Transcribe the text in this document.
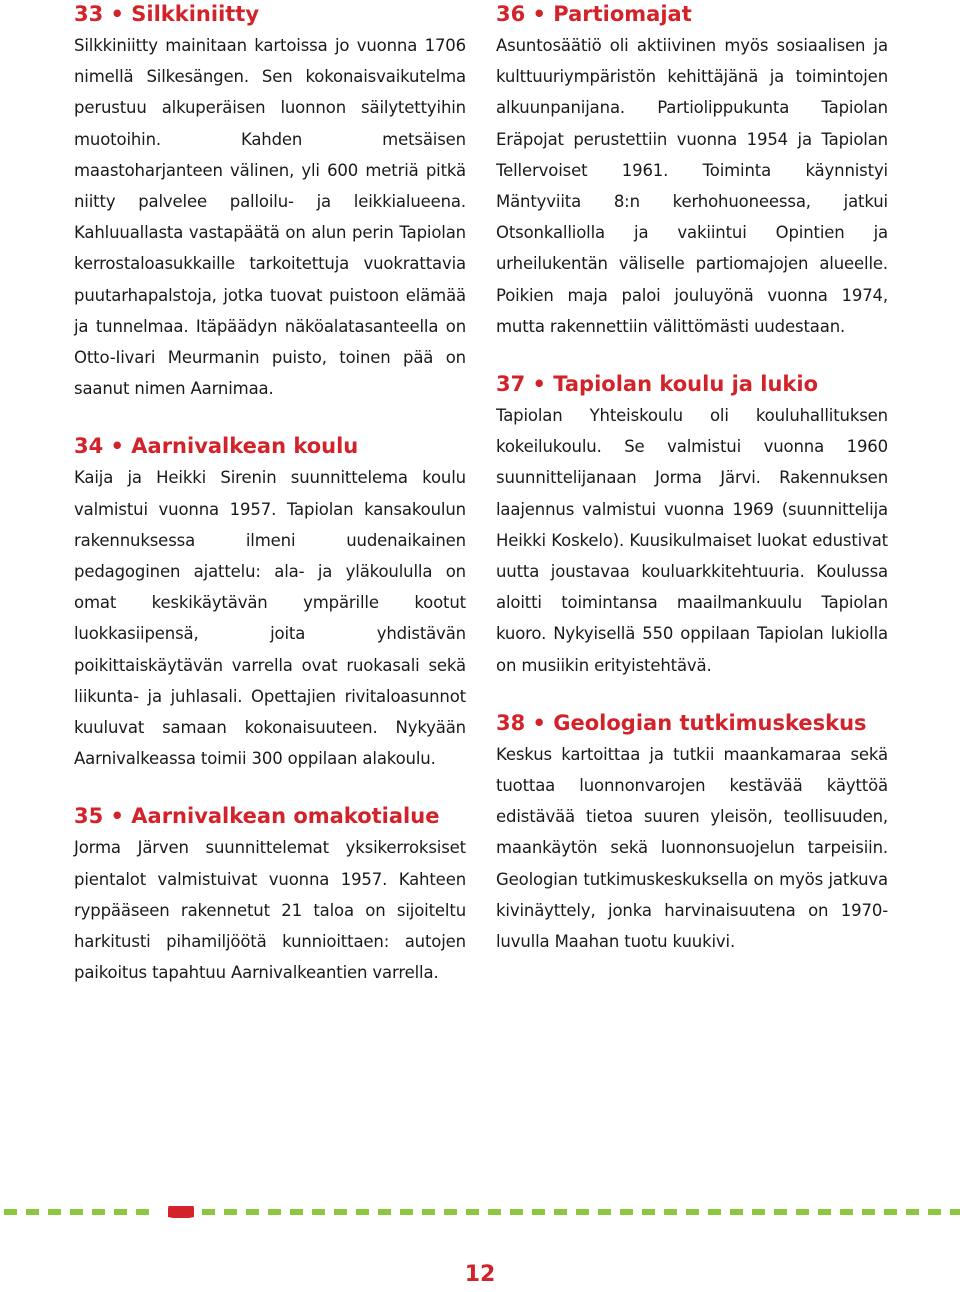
33 • Silkkiniitty

Silkkiniitty mainitaan kartoissa jo vuonna 1706 nimellä Silkesängen. Sen kokonaisvaikutelma perustuu alkuperäisen luonnon säilytettyihin muotoihin. Kahden metsäisen maastoharjanteen välinen, yli 600 metriä pitkä niitty palvelee palloilu- ja leikkialueena. Kahluuallasta vastapäätä on alun perin Tapiolan kerrostaloasukkaille tarkoitettuja vuokrattavia puutarhapalstoja, jotka tuovat puistoon elämää ja tunnelmaa. Itäpäädyn näköalatasanteella on Otto-Iivari Meurmanin puisto, toinen pää on saanut nimen Aarnimaa.

34 • Aarnivalkean koulu

Kaija ja Heikki Sirenin suunnittelema koulu valmistui vuonna 1957. Tapiolan kansakoulun rakennuksessa ilmeni uudenaikainen pedagoginen ajattelu: ala- ja yläkoululla on omat keskikäytävän ympärille kootut luokkasiipensä, joita yhdistävän poikittaiskäytävän varrella ovat ruokasali sekä liikunta- ja juhlasali. Opettajien rivitaloasunnot kuuluvat samaan kokonaisuuteen. Nykyään Aarnivalkeassa toimii 300 oppilaan alakoulu.

35 • Aarnivalkean omakotialue

Jorma Järven suunnittelemat yksikerroksiset pientalot valmistuivat vuonna 1957. Kahteen ryppääseen rakennetut 21 taloa on sijoiteltu harkitusti pihamiljöötä kunnioittaen: autojen paikoitus tapahtuu Aarnivalkeantien varrella.

36 • Partiomajat

Asuntosäätiö oli aktiivinen myös sosiaalisen ja kulttuuriympäristön kehittäjänä ja toimintojen alkuunpanijana. Partiolippukunta Tapiolan Eräpojat perustettiin vuonna 1954 ja Tapiolan Tellervoiset 1961. Toiminta käynnistyi Mäntyviita 8:n kerhohuoneessa, jatkui Otsonkalliolla ja vakiintui Opintien ja urheilukentän väliselle partiomajojen alueelle. Poikien maja paloi jouluyönä vuonna 1974, mutta rakennettiin välittömästi uudestaan.

37 • Tapiolan koulu ja lukio

Tapiolan Yhteiskoulu oli kouluhallituksen kokeilukoulu. Se valmistui vuonna 1960 suunnittelijanaan Jorma Järvi. Rakennuksen laajennus valmistui vuonna 1969 (suunnittelija Heikki Koskelo). Kuusikulmaiset luokat edustivat uutta joustavaa kouluarkkitehtuuria. Koulussa aloitti toimintansa maailmankuulu Tapiolan kuoro. Nykyisellä 550 oppilaan Tapiolan lukiolla on musiikin erityistehtävä.

38 • Geologian tutkimuskeskus

Keskus kartoittaa ja tutkii maankamaraa sekä tuottaa luonnonvarojen kestävää käyttöä edistävää tietoa suuren yleisön, teollisuuden, maankäytön sekä luonnonsuojelun tarpeisiin. Geologian tutkimuskeskuksella on myös jatkuva kivinäyttely, jonka harvinaisuutena on 1970-luvulla Maahan tuotu kuukivi.

12
